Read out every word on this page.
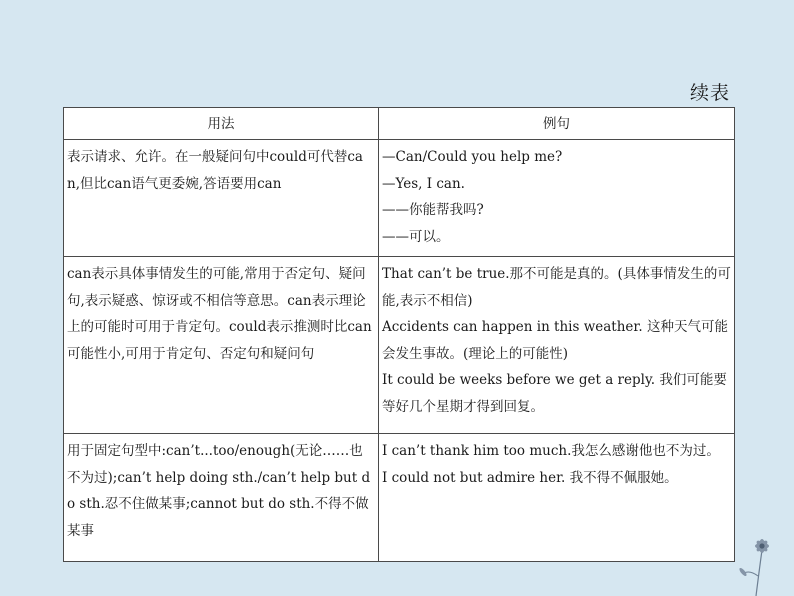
续表
用法	例句
表示请求、允许。在一般疑问句中could可代替can,但比can语气更委婉,答语要用can	—Can/Could you help me?
—Yes, I can.
——你能帮我吗?
——可以。

can表示具体事情发生的可能,常用于否定句、疑问句,表示疑惑、惊讶或不相信等意思。can表示理论上的可能时可用于肯定句。could表示推测时比can可能性小,可用于肯定句、否定句和疑问句	That can’t be true.那不可能是真的。(具体事情发生的可能,表示不相信)
Accidents can happen in this weather. 这种天气可能会发生事故。(理论上的可能性)
It could be weeks before we get a reply. 我们可能要等好几个星期才得到回复。

用于固定句型中:can’t...too/enough(无论……也不为过);can’t help doing sth./can’t help but do sth.忍不住做某事;cannot but do sth.不得不做某事	I can’t thank him too much.我怎么感谢他也不为过。
I could not but admire her. 我不得不佩服她。
